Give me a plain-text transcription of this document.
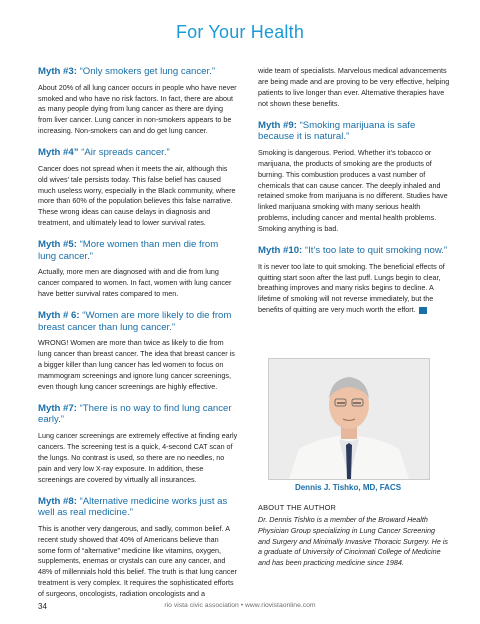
For Your Health
Myth #3: “Only smokers get lung cancer.”

About 20% of all lung cancer occurs in people who have never smoked and who have no risk factors. In fact, there are about as many people dying from lung cancer as there are dying from liver cancer. Lung cancer in non-smokers appears to be increasing. Non-smokers can and do get lung cancer.

Myth #4” “Air spreads cancer.”

Cancer does not spread when it meets the air, although this old wives’ tale persists today. This false belief has caused much useless worry, especially in the Black community, where more than 60% of the population believes this false narrative. These wrong ideas can cause delays in diagnosis and treatment, and ultimately lead to lower survival rates.

Myth #5: “More women than men die from lung cancer.”

Actually, more men are diagnosed with and die from lung cancer compared to women. In fact, women with lung cancer have better survival rates compared to men.

Myth # 6: “Women are more likely to die from breast cancer than lung cancer.”

WRONG! Women are more than twice as likely to die from lung cancer than breast cancer. The idea that breast cancer is a bigger killer than lung cancer has led women to focus on mammogram screenings and ignore lung cancer screenings, even though lung cancer screenings are highly effective.

Myth #7: “There is no way to find lung cancer early.”

Lung cancer screenings are extremely effective at finding early cancers. The screening test is a quick, 4-second CAT scan of the lungs. No contrast is used, so there are no needles, no pain and very low X-ray exposure. In addition, these screenings are covered by virtually all insurances.

Myth #8: “Alternative medicine works just as well as real medicine.”

This is another very dangerous, and sadly, common belief. A recent study showed that 40% of Americans believe than some form of “alternative” medicine like vitamins, oxygen, supplements, enemas or crystals can cure any cancer, and 48% of millennials hold this belief. The truth is that lung cancer treatment is very complex. It requires the sophisticated efforts of surgeons, oncologists, radiation oncologists and a

wide team of specialists. Marvelous medical advancements are being made and are proving to be very effective, helping patients to live longer than ever. Alternative therapies have not shown these benefits.

Myth #9: “Smoking marijuana is safe because it is natural.”

Smoking is dangerous. Period. Whether it’s tobacco or marijuana, the products of smoking are the products of burning. This combustion produces a vast number of chemicals that can cause cancer. The deeply inhaled and retained smoke from marijuana is no different. Studies have linked marijuana smoking with many serious health problems, including cancer and mental health problems. Smoking anything is bad.

Myth #10: “It’s too late to quit smoking now.”

It is never too late to quit smoking. The beneficial effects of quitting start soon after the last puff. Lungs begin to clear, breathing improves and many risks begins to decline. A lifetime of smoking will not reverse immediately, but the benefits of quitting are very much worth the effort.

Dennis J. Tishko, MD, FACS
ABOUT THE AUTHOR
Dr. Dennis Tishko is a member of the Broward Health Physician Group specializing in Lung Cancer Screening and Surgery and Minimally Invasive Thoracic Surgery. He is a graduate of University of Cincinnati College of Medicine and has been practicing medicine since 1984.
34	rio vista civic association • www.riovistaonline.com
